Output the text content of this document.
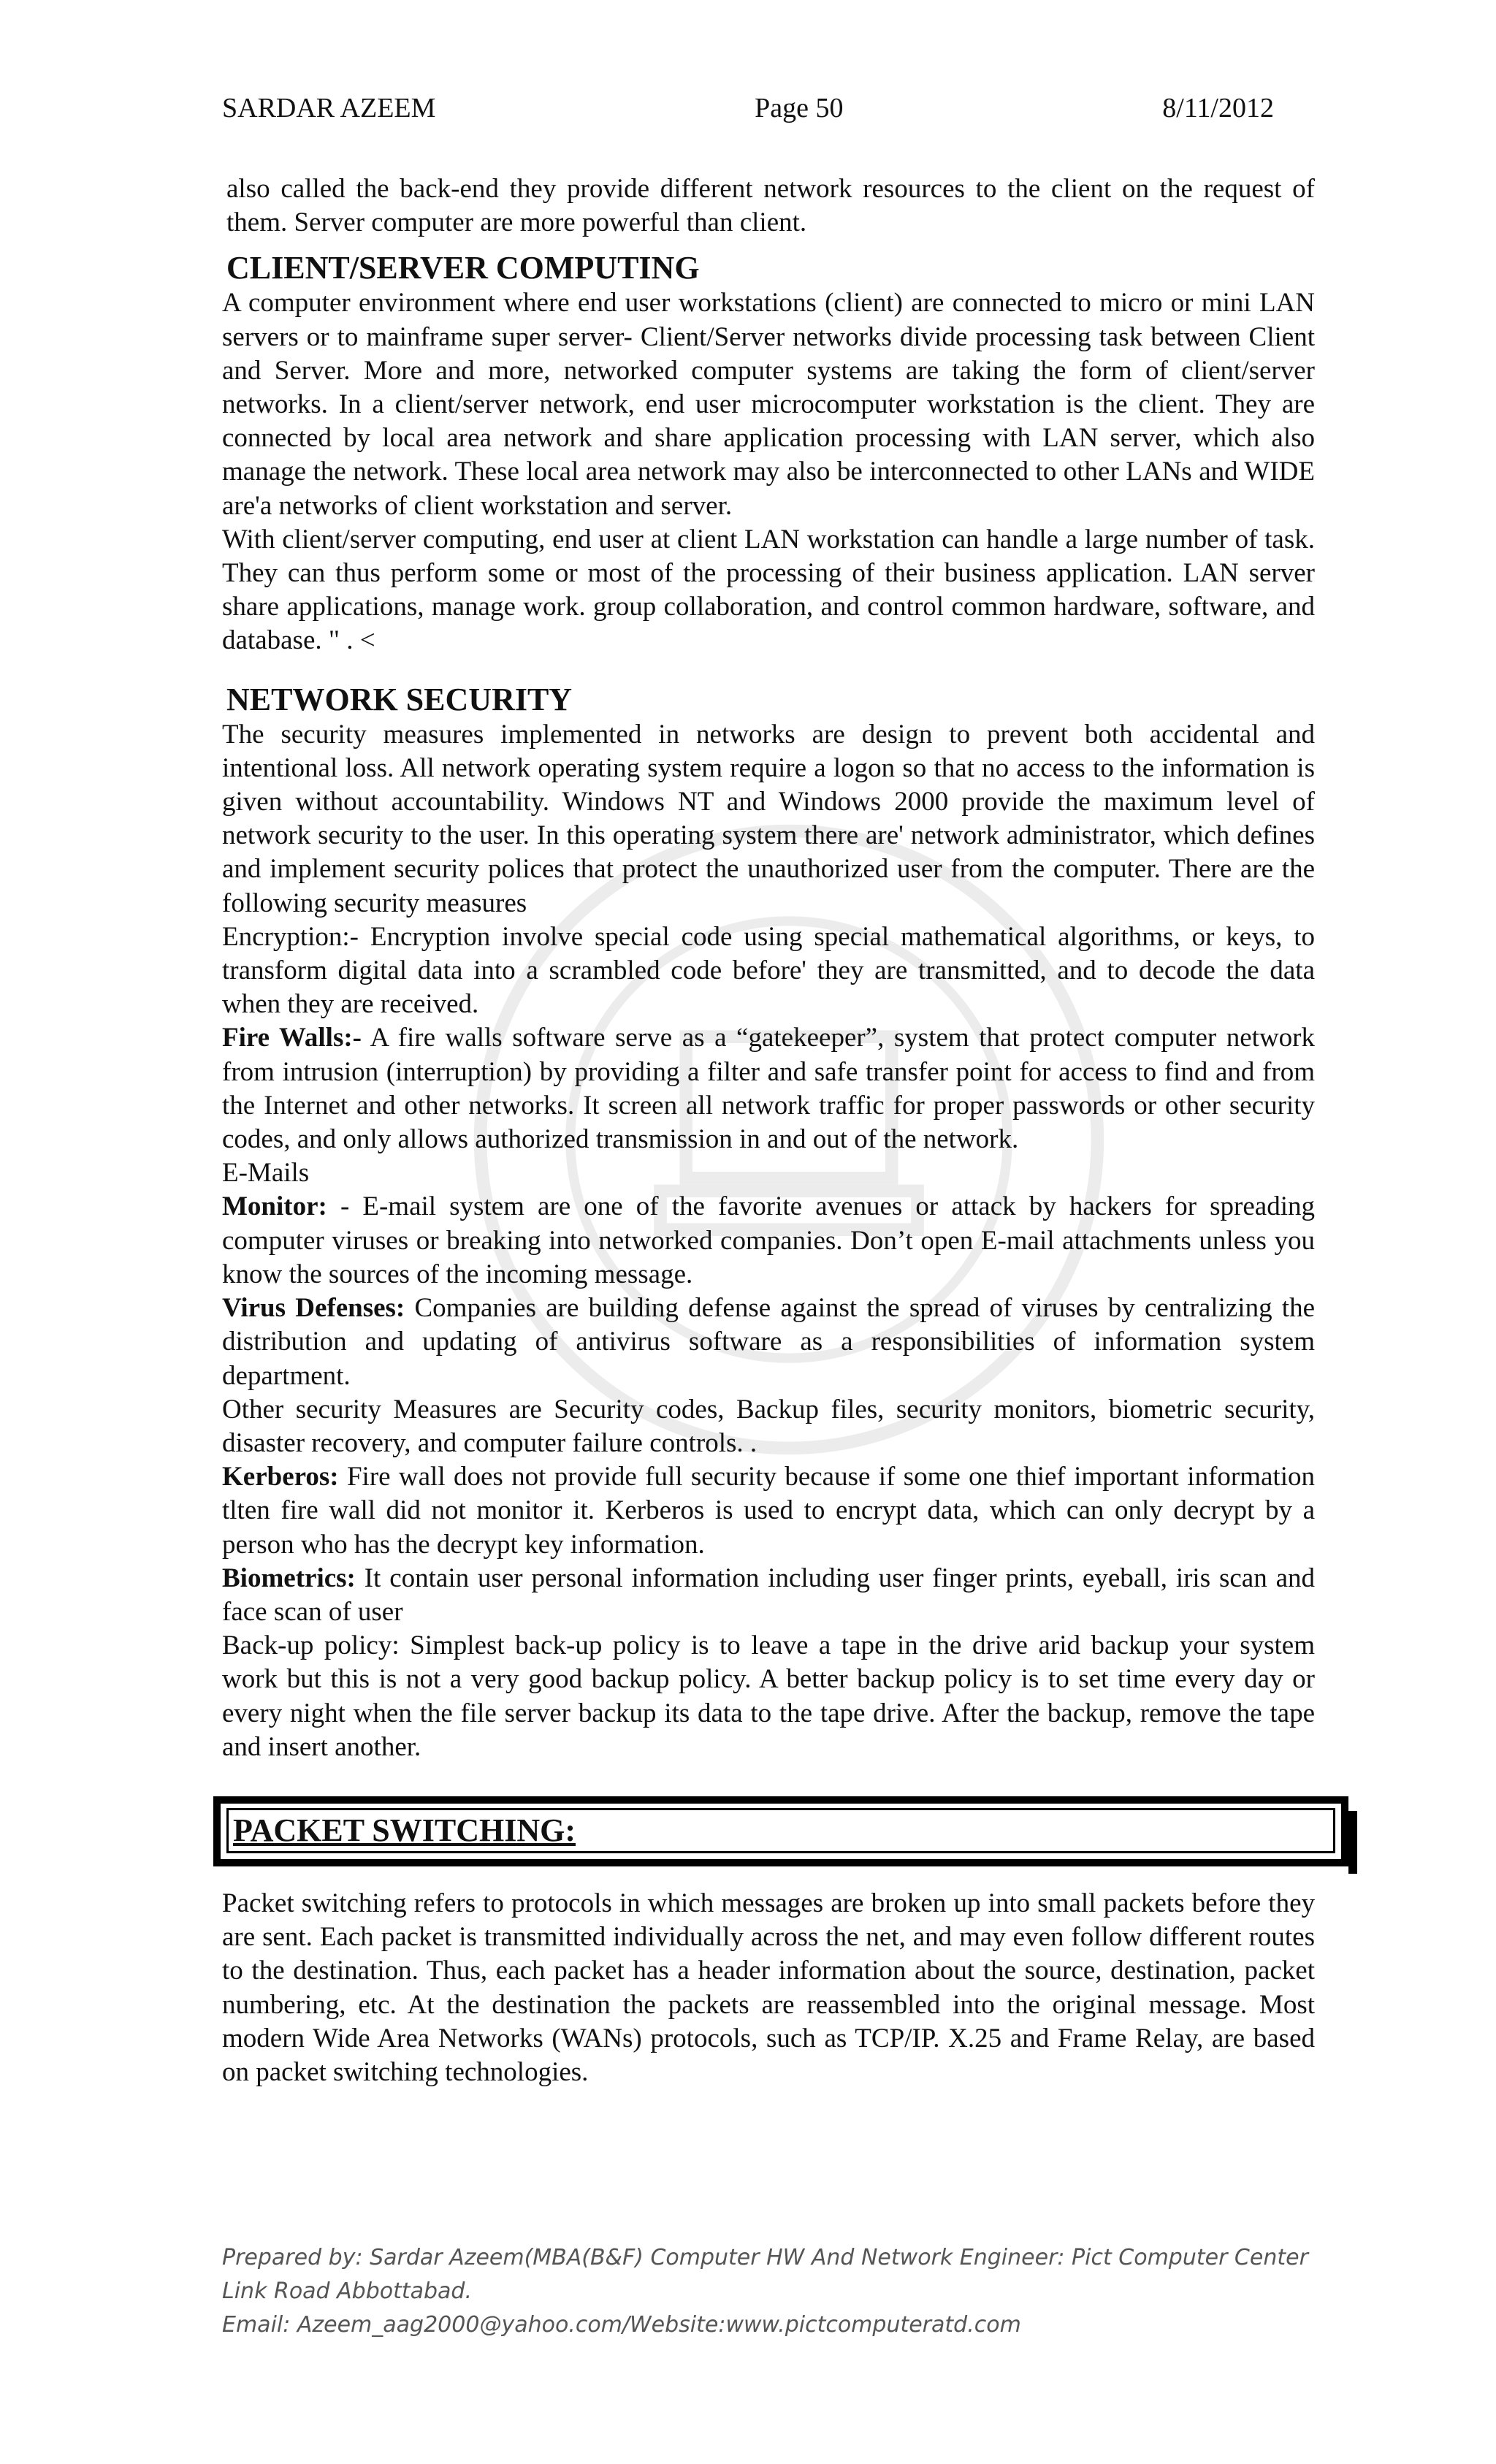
SARDAR AZEEM	Page 50	8/11/2012

also called the back-end they provide different network resources to the client on the request of them. Server computer are more powerful than client.

CLIENT/SERVER COMPUTING

A computer environment where end user workstations (client) are connected to micro or mini LAN servers or to mainframe super server- Client/Server networks divide processing task between Client and Server. More and more, networked computer systems are taking the form of client/server networks. In a client/server network, end user microcomputer workstation is the client. They are connected by local area network and share application processing with LAN server, which also manage the network. These local area network may also be interconnected to other LANs and WIDE are'a networks of client workstation and server.

With client/server computing, end user at client LAN workstation can handle a large number of task. They can thus perform some or most of the processing of their business application. LAN server share applications, manage work. group collaboration, and control common hardware, software, and database. " . <

NETWORK SECURITY

The security measures implemented in networks are design to prevent both accidental and intentional loss. All network operating system require a logon so that no access to the information is given without accountability. Windows NT and Windows 2000 provide the maximum level of network security to the user. In this operating system there are' network administrator, which defines and implement security polices that protect the unauthorized user from the computer. There are the following security measures

Encryption:- Encryption involve special code using special mathematical algorithms, or keys, to transform digital data into a scrambled code before' they are transmitted, and to decode the data when they are received.

Fire Walls:- A fire walls software serve as a “gatekeeper”, system that protect computer network from intrusion (interruption) by providing a filter and safe transfer point for access to find and from the Internet and other networks. It screen all network traffic for proper passwords or other security codes, and only allows authorized transmission in and out of the network.

E-Mails

Monitor: - E-mail system are one of the favorite avenues or attack by hackers for spreading computer viruses or breaking into networked companies. Don’t open E-mail attachments unless you know the sources of the incoming message.

Virus Defenses: Companies are building defense against the spread of viruses by centralizing the distribution and updating of antivirus software as a responsibilities of information system department.

Other security Measures are Security codes, Backup files, security monitors, biometric security, disaster recovery, and computer failure controls. .

Kerberos: Fire wall does not provide full security because if some one thief important information tlten fire wall did not monitor it. Kerberos is used to encrypt data, which can only decrypt by a person who has the decrypt key information.

Biometrics: It contain user personal information including user finger prints, eyeball, iris scan and face scan of user

Back-up policy: Simplest back-up policy is to leave a tape in the drive arid backup your system work but this is not a very good backup policy. A better backup policy is to set time every day or every night when the file server backup its data to the tape drive. After the backup, remove the tape and insert another.

PACKET SWITCHING:

Packet switching refers to protocols in which messages are broken up into small packets before they are sent. Each packet is transmitted individually across the net, and may even follow different routes to the destination. Thus, each packet has a header information about the source, destination, packet numbering, etc. At the destination the packets are reassembled into the original message. Most modern Wide Area Networks (WANs) protocols, such as TCP/IP. X.25 and Frame Relay, are based on packet switching technologies.

Prepared by: Sardar Azeem(MBA(B&F) Computer HW And Network Engineer: Pict Computer Center Link Road Abbottabad.
Email: Azeem_aag2000@yahoo.com/Website:www.pictcomputeratd.com
